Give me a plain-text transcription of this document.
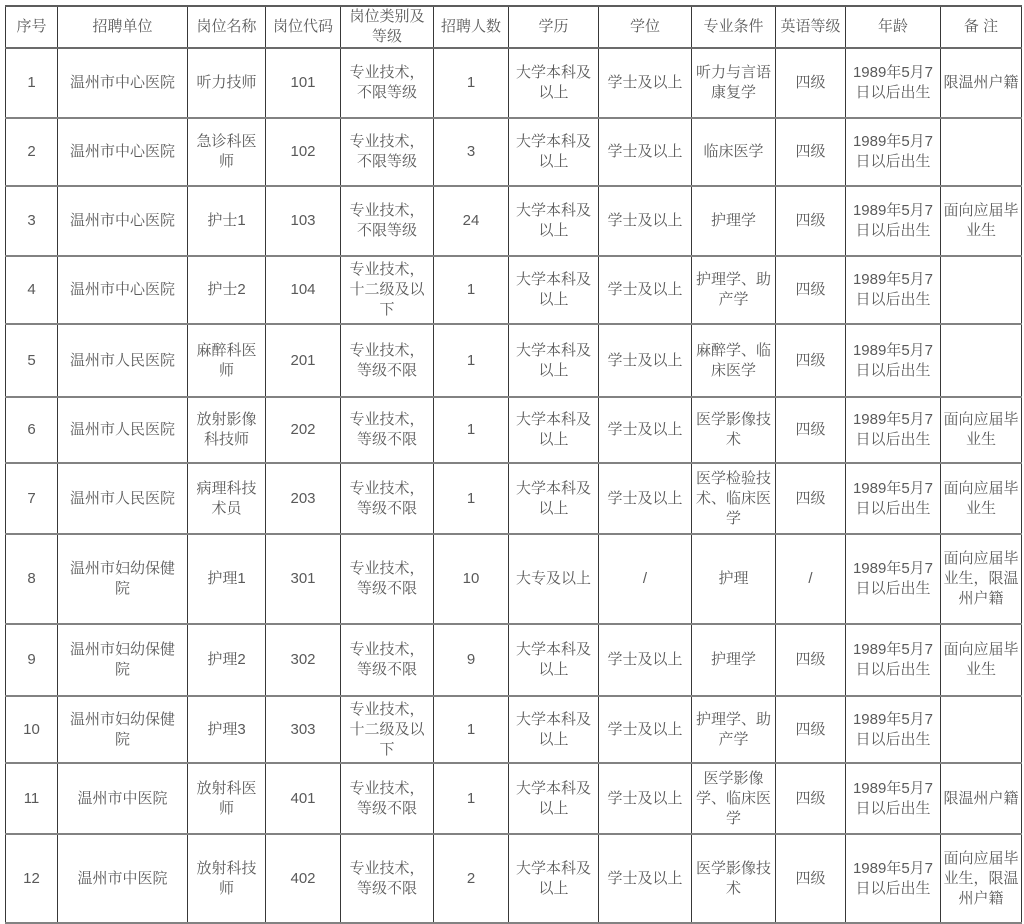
序号	招聘单位	岗位名称	岗位代码	岗位类别及等级	招聘人数	学历	学位	专业条件	英语等级	年龄	备 注
1	温州市中心医院	听力技师	101	专业技术，不限等级	1	大学本科及以上	学士及以上	听力与言语康复学	四级	1989年5月7日以后出生	限温州户籍
2	温州市中心医院	急诊科医师	102	专业技术，不限等级	3	大学本科及以上	学士及以上	临床医学	四级	1989年5月7日以后出生	
3	温州市中心医院	护士1	103	专业技术，不限等级	24	大学本科及以上	学士及以上	护理学	四级	1989年5月7日以后出生	面向应届毕业生
4	温州市中心医院	护士2	104	专业技术，十二级及以下	1	大学本科及以上	学士及以上	护理学、助产学	四级	1989年5月7日以后出生	
5	温州市人民医院	麻醉科医师	201	专业技术，等级不限	1	大学本科及以上	学士及以上	麻醉学、临床医学	四级	1989年5月7日以后出生	
6	温州市人民医院	放射影像科技师	202	专业技术，等级不限	1	大学本科及以上	学士及以上	医学影像技术	四级	1989年5月7日以后出生	面向应届毕业生
7	温州市人民医院	病理科技术员	203	专业技术，等级不限	1	大学本科及以上	学士及以上	医学检验技术、临床医学	四级	1989年5月7日以后出生	面向应届毕业生
8	温州市妇幼保健院	护理1	301	专业技术，等级不限	10	大专及以上	/	护理	/	1989年5月7日以后出生	面向应届毕业生，限温州户籍
9	温州市妇幼保健院	护理2	302	专业技术，等级不限	9	大学本科及以上	学士及以上	护理学	四级	1989年5月7日以后出生	面向应届毕业生
10	温州市妇幼保健院	护理3	303	专业技术，十二级及以下	1	大学本科及以上	学士及以上	护理学、助产学	四级	1989年5月7日以后出生	
11	温州市中医院	放射科医师	401	专业技术，等级不限	1	大学本科及以上	学士及以上	医学影像学、临床医学	四级	1989年5月7日以后出生	限温州户籍
12	温州市中医院	放射科技师	402	专业技术，等级不限	2	大学本科及以上	学士及以上	医学影像技术	四级	1989年5月7日以后出生	面向应届毕业生，限温州户籍
